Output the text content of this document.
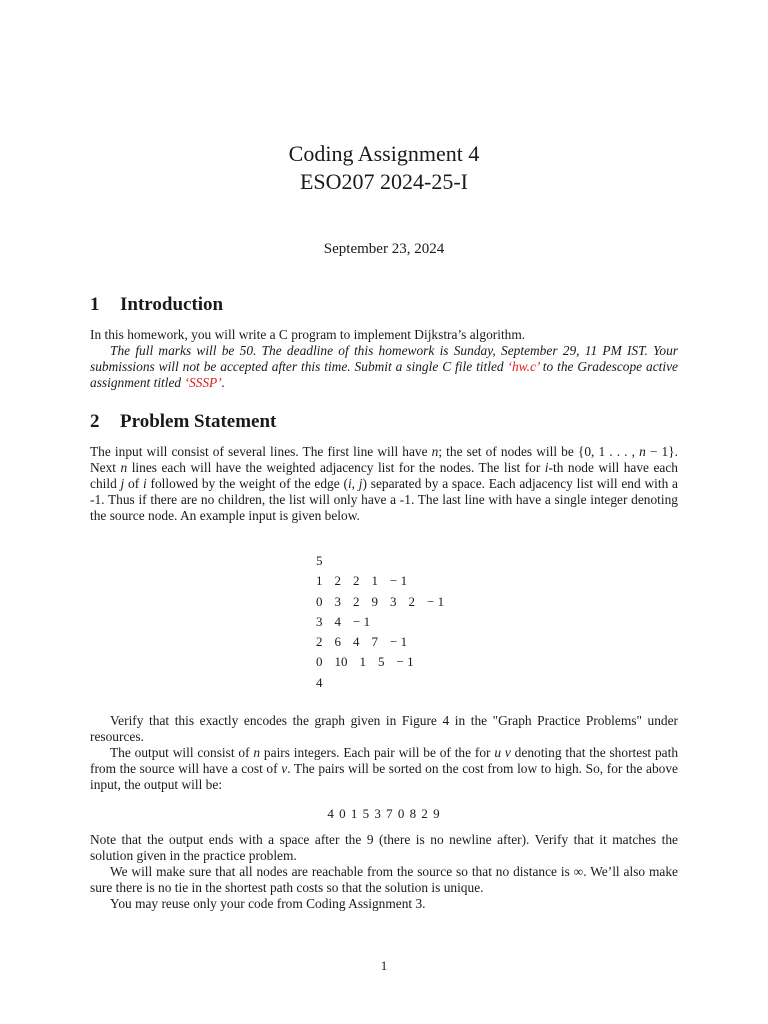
Coding Assignment 4
ESO207 2024-25-I
September 23, 2024
1 Introduction
In this homework, you will write a C program to implement Dijkstra’s algorithm.
The full marks will be 50. The deadline of this homework is Sunday, September 29, 11 PM IST. Your submissions will not be accepted after this time. Submit a single C file titled ‘hw.c’ to the Gradescope active assignment titled ‘SSSP’.
2 Problem Statement
The input will consist of several lines. The first line will have n; the set of nodes will be {0, 1 . . . , n − 1}. Next n lines each will have the weighted adjacency list for the nodes. The list for i-th node will have each child j of i followed by the weight of the edge (i, j) separated by a space. Each adjacency list will end with a -1. Thus if there are no children, the list will only have a -1. The last line with have a single integer denoting the source node. An example input is given below.
5
1 2 2 1 − 1
0 3 2 9 3 2 − 1
3 4 − 1
2 6 4 7 − 1
0 10 1 5 − 1
4
Verify that this exactly encodes the graph given in Figure 4 in the "Graph Practice Problems" under resources.
The output will consist of n pairs integers. Each pair will be of the for u v denoting that the shortest path from the source will have a cost of v. The pairs will be sorted on the cost from low to high. So, for the above input, the output will be:
4 0 1 5 3 7 0 8 2 9
Note that the output ends with a space after the 9 (there is no newline after). Verify that it matches the solution given in the practice problem.
We will make sure that all nodes are reachable from the source so that no distance is ∞. We’ll also make sure there is no tie in the shortest path costs so that the solution is unique.
You may reuse only your code from Coding Assignment 3.
1
